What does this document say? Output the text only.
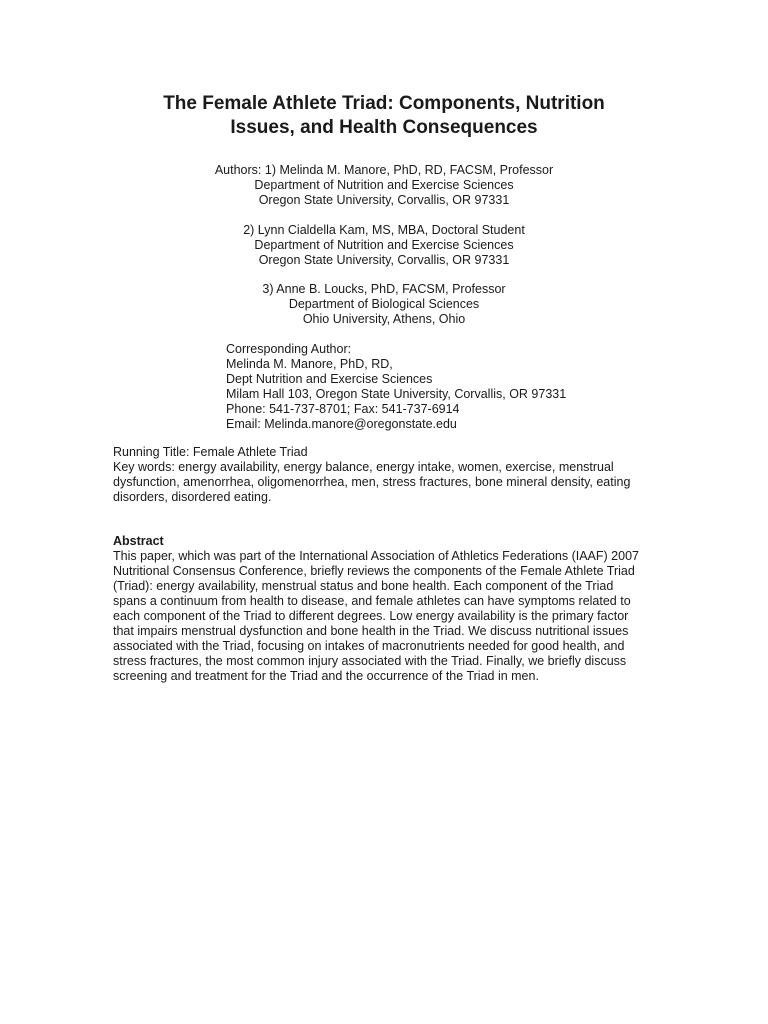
The Female Athlete Triad: Components, Nutrition
Issues, and Health Consequences
Authors: 1) Melinda M. Manore, PhD, RD, FACSM, Professor
Department of Nutrition and Exercise Sciences
Oregon State University, Corvallis, OR 97331
2) Lynn Cialdella Kam, MS, MBA, Doctoral Student
Department of Nutrition and Exercise Sciences
Oregon State University, Corvallis, OR 97331
3) Anne B. Loucks, PhD, FACSM, Professor
Department of Biological Sciences
Ohio University, Athens, Ohio
Corresponding Author:
Melinda M. Manore, PhD, RD,
Dept Nutrition and Exercise Sciences
Milam Hall 103, Oregon State University, Corvallis, OR 97331
Phone: 541-737-8701; Fax: 541-737-6914
Email: Melinda.manore@oregonstate.edu
Running Title: Female Athlete Triad
Key words: energy availability, energy balance, energy intake, women, exercise, menstrual
dysfunction, amenorrhea, oligomenorrhea, men, stress fractures, bone mineral density, eating
disorders, disordered eating.
Abstract
This paper, which was part of the International Association of Athletics Federations (IAAF) 2007
Nutritional Consensus Conference, briefly reviews the components of the Female Athlete Triad
(Triad): energy availability, menstrual status and bone health. Each component of the Triad
spans a continuum from health to disease, and female athletes can have symptoms related to
each component of the Triad to different degrees. Low energy availability is the primary factor
that impairs menstrual dysfunction and bone health in the Triad. We discuss nutritional issues
associated with the Triad, focusing on intakes of macronutrients needed for good health, and
stress fractures, the most common injury associated with the Triad. Finally, we briefly discuss
screening and treatment for the Triad and the occurrence of the Triad in men.
